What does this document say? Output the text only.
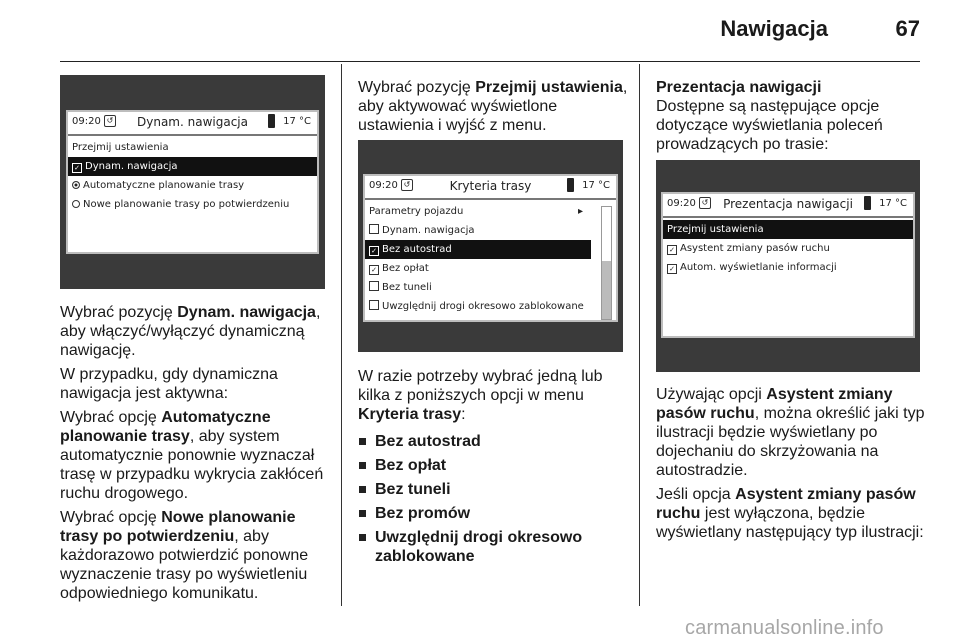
Nawigacja	67
09:20 ↺	Dynam. nawigacja	17 °C
Przejmij ustawienia
✓ Dynam. nawigacja
Automatyczne planowanie trasy
Nowe planowanie trasy po potwierdzeniu

Wybrać pozycję Dynam. nawigacja, aby włączyć/wyłączyć dynamiczną nawigację.

W przypadku, gdy dynamiczna nawigacja jest aktywna:

Wybrać opcję Automatyczne planowanie trasy, aby system automatycznie ponownie wyznaczał trasę w przypadku wykrycia zakłóceń ruchu drogowego.

Wybrać opcję Nowe planowanie trasy po potwierdzeniu, aby każdorazowo potwierdzić ponowne wyznaczenie trasy po wyświetleniu odpowiedniego komunikatu.

Wybrać pozycję Przejmij ustawienia, aby aktywować wyświetlone ustawienia i wyjść z menu.

09:20 ↺	Kryteria trasy	17 °C
Parametry pojazdu	▸
Dynam. nawigacja
✓ Bez autostrad
✓ Bez opłat
Bez tuneli
Uwzględnij drogi okresowo zablokowane

W razie potrzeby wybrać jedną lub kilka z poniższych opcji w menu Kryteria trasy:

Bez autostrad
Bez opłat
Bez tuneli
Bez promów
Uwzględnij drogi okresowo zablokowane

Prezentacja nawigacji

Dostępne są następujące opcje dotyczące wyświetlania poleceń prowadzących po trasie:

09:20 ↺	Prezentacja nawigacji	17 °C
Przejmij ustawienia
✓ Asystent zmiany pasów ruchu
✓ Autom. wyświetlanie informacji

Używając opcji Asystent zmiany pasów ruchu, można określić jaki typ ilustracji będzie wyświetlany po dojechaniu do skrzyżowania na autostradzie.

Jeśli opcja Asystent zmiany pasów ruchu jest wyłączona, będzie wyświetlany następujący typ ilustracji:

carmanualsonline.info
